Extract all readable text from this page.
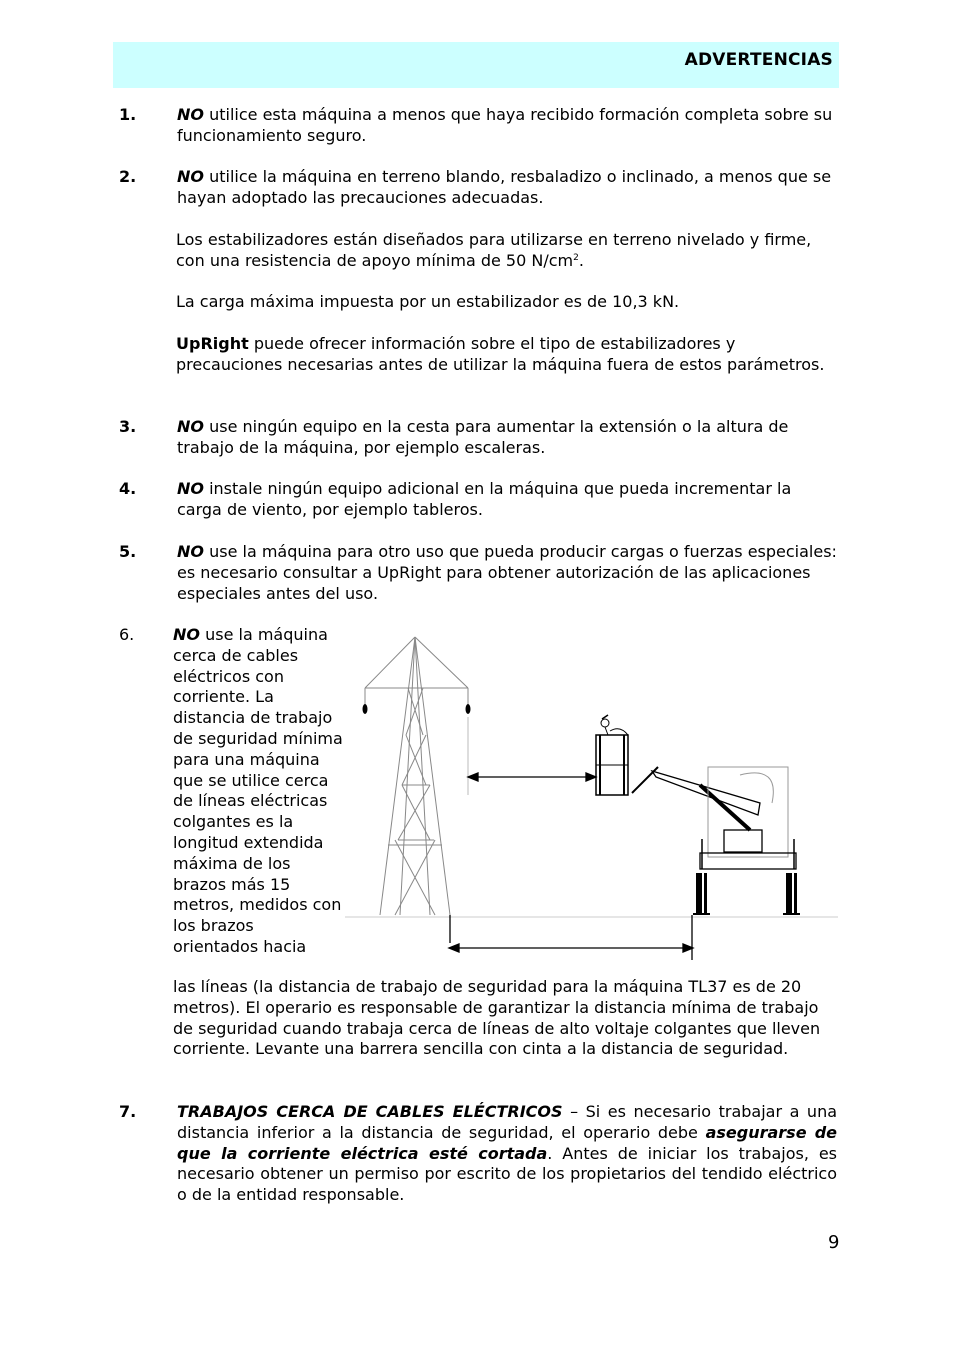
ADVERTENCIAS
1.	NO utilice esta máquina a menos que haya recibido formación completa sobre su funcionamiento seguro.
2.	NO utilice la máquina en terreno blando, resbaladizo o inclinado, a menos que se hayan adoptado las precauciones adecuadas.
Los estabilizadores están diseñados para utilizarse en terreno nivelado y firme, con una resistencia de apoyo mínima de 50 $N/cm^2$.
La carga máxima impuesta por un estabilizador es de 10,3 kN.
UpRight puede ofrecer información sobre el tipo de estabilizadores y precauciones necesarias antes de utilizar la máquina fuera de estos parámetros.
3.	NO use ningún equipo en la cesta para aumentar la extensión o la altura de trabajo de la máquina, por ejemplo escaleras.
4.	NO instale ningún equipo adicional en la máquina que pueda incrementar la carga de viento, por ejemplo tableros.
5.	NO use la máquina para otro uso que pueda producir cargas o fuerzas especiales: es necesario consultar a UpRight para obtener autorización de las aplicaciones especiales antes del uso.
6. NO use la máquina cerca de cables eléctricos con corriente. La distancia de trabajo de seguridad mínima para una máquina que se utilice cerca de líneas eléctricas colgantes es la longitud extendida máxima de los brazos más 15 metros, medidos con los brazos orientados hacia
las líneas (la distancia de trabajo de seguridad para la máquina TL37 es de 20 metros). El operario es responsable de garantizar la distancia mínima de trabajo de seguridad cuando trabaja cerca de líneas de alto voltaje colgantes que lleven corriente. Levante una barrera sencilla con cinta a la distancia de seguridad.
7.	TRABAJOS CERCA DE CABLES ELÉCTRICOS – Si es necesario trabajar a una distancia inferior a la distancia de seguridad, el operario debe asegurarse de que la corriente eléctrica esté cortada. Antes de iniciar los trabajos, es necesario obtener un permiso por escrito de los propietarios del tendido eléctrico o de la entidad responsable.
9
